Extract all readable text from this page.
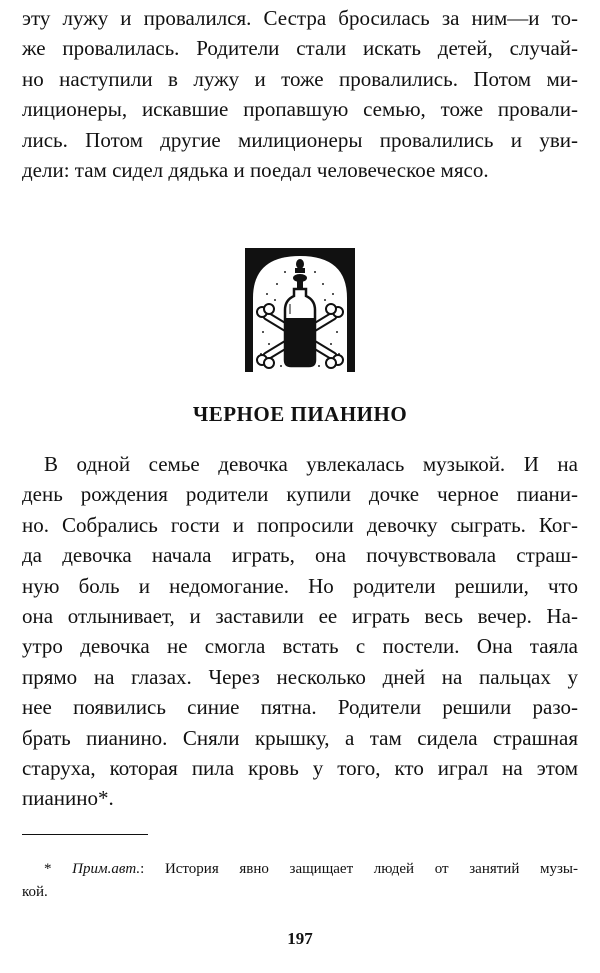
эту лужу и провалился. Сестра бросилась за ним—и то-
же провалилась. Родители стали искать детей, случай-
но наступили в лужу и тоже провалились. Потом ми-
лиционеры, искавшие пропавшую семью, тоже провали-
лись. Потом другие милиционеры провалились и уви-
дели: там сидел дядька и поедал человеческое мясо.
ЧЕРНОЕ ПИАНИНО
В одной семье девочка увлекалась музыкой. И на
день рождения родители купили дочке черное пиани-
но. Собрались гости и попросили девочку сыграть. Ког-
да девочка начала играть, она почувствовала страш-
ную боль и недомогание. Но родители решили, что
она отлынивает, и заставили ее играть весь вечер. На-
утро девочка не смогла встать с постели. Она таяла
прямо на глазах. Через несколько дней на пальцах у
нее появились синие пятна. Родители решили разо-
брать пианино. Сняли крышку, а там сидела страшная
старуха, которая пила кровь у того, кто играл на этом
пианино*.
* Прим.авт.: История явно защищает людей от занятий музы-
кой.
197
